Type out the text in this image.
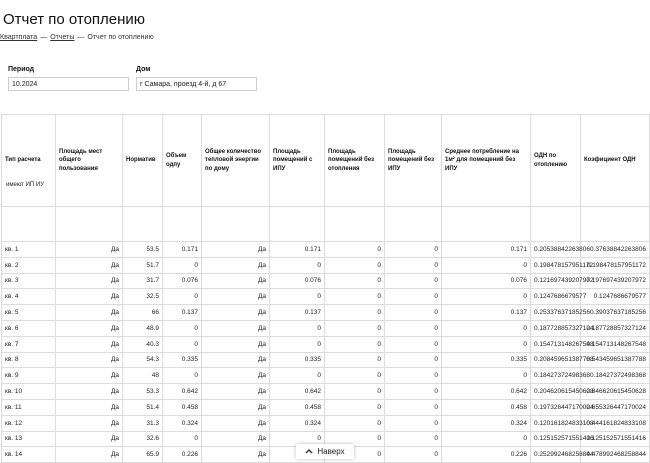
Отчет по отоплению
Квартплата — Отчеты — Отчет по отоплению
Период
10.2024
Дом
г Самара, проезд 4-й, д 67
Тип расчета
имеют ИП ИУ	Площадь мест общего пользования	Норматив	Объем одпу	Общее количество тепловой энергии по дому	Площадь помещений с ИПУ	Площадь помещений без отопления	Площадь помещений без ИПУ	Среднее потребление на 1м² для помещений без ИПУ	ОДН по отоплению	Коэфициент ОДН

кв. 1	Да	53.5	0.171	Да	0.171	0	0	0.171	0.20538842263806	0.37638842263806
кв. 2	Да	51.7	0	Да	0	0	0	0	0.198478157951172	0.198478157951172
кв. 3	Да	31.7	0.076	Да	0.076	0	0	0.076	0.121697439207972	0.197697439207972
кв. 4	Да	32.5	0	Да	0	0	0	0	0.1247686679577	0.1247686679577
кв. 5	Да	66	0.137	Да	0.137	0	0	0.137	0.25337637185256	0.39037637185256
кв. 6	Да	48.9	0	Да	0	0	0	0	0.187728857327124	0.187728857327124
кв. 7	Да	40.3	0	Да	0	0	0	0	0.154713148267548	0.154713148267548
кв. 8	Да	54.3	0.335	Да	0.335	0	0	0.335	0.208459651387788	0.543459651387788
кв. 9	Да	48	0	Да	0	0	0	0	0.18427372498368	0.18427372498368
кв. 10	Да	53.3	0.642	Да	0.642	0	0	0.642	0.204620615450628	0.846620615450628
кв. 11	Да	51.4	0.458	Да	0.458	0	0	0.458	0.197326447170024	0.655326447170024
кв. 12	Да	31.3	0.324	Да	0.324	0	0	0.324	0.120161824833108	0.444161824833108
кв. 13	Да	32.6	0	Да	0	0	0	0	0.125152571551416	0.125152571551416
кв. 14	Да	65.9	0.226	Да		0	0	0.226	0.252992468258844	0.478992468258844
Наверх
